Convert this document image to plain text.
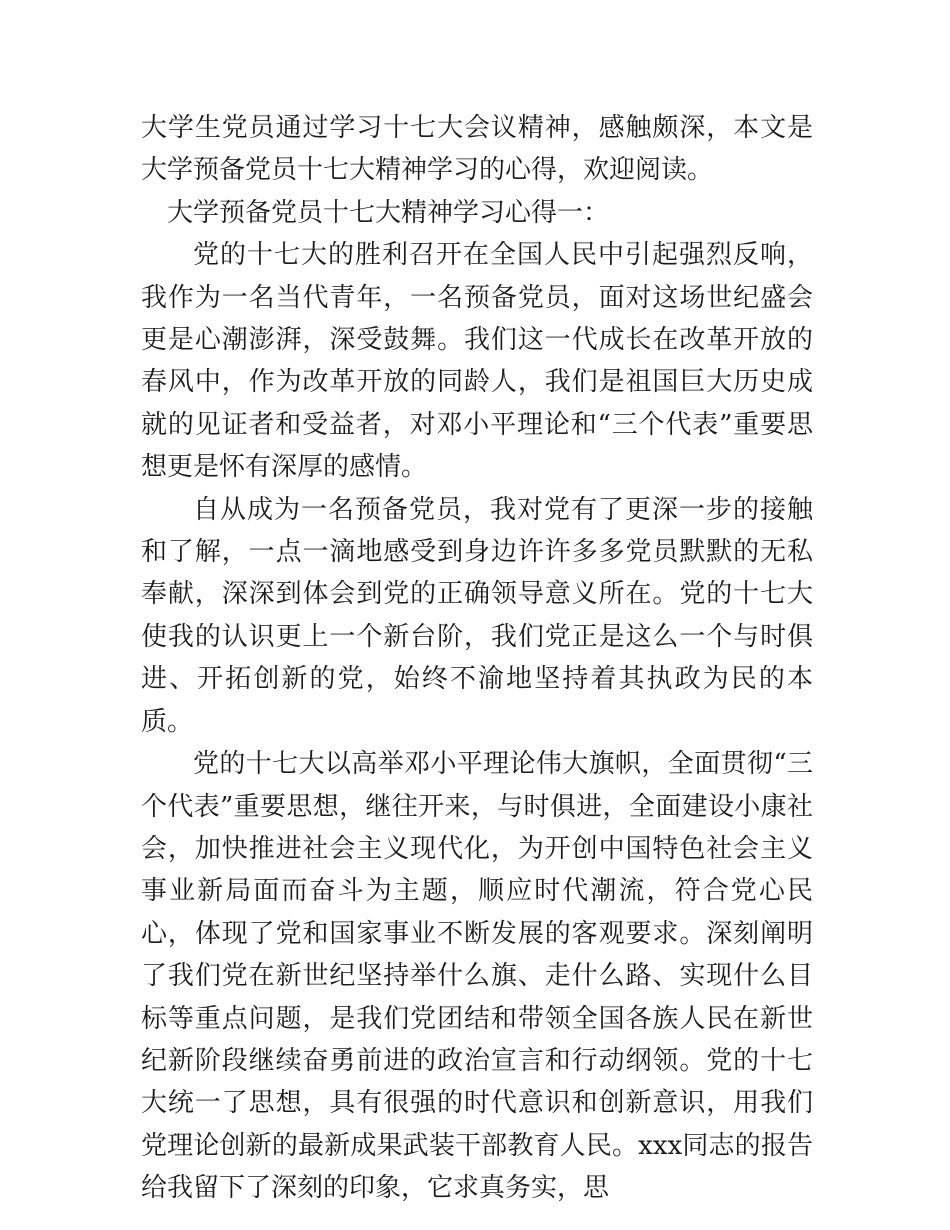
大学生党员通过学习十七大会议精神，感触颇深，本文是大学预备党员十七大精神学习的心得，欢迎阅读。

大学预备党员十七大精神学习心得一：

党的十七大的胜利召开在全国人民中引起强烈反响，我作为一名当代青年，一名预备党员，面对这场世纪盛会更是心潮澎湃，深受鼓舞。我们这一代成长在改革开放的春风中，作为改革开放的同龄人，我们是祖国巨大历史成就的见证者和受益者，对邓小平理论和“三个代表”重要思想更是怀有深厚的感情。

自从成为一名预备党员，我对党有了更深一步的接触和了解，一点一滴地感受到身边许许多多党员默默的无私奉献，深深到体会到党的正确领导意义所在。党的十七大使我的认识更上一个新台阶，我们党正是这么一个与时俱进、开拓创新的党，始终不渝地坚持着其执政为民的本质。

党的十七大以高举邓小平理论伟大旗帜，全面贯彻“三个代表”重要思想，继往开来，与时俱进，全面建设小康社会，加快推进社会主义现代化，为开创中国特色社会主义事业新局面而奋斗为主题，顺应时代潮流，符合党心民心，体现了党和国家事业不断发展的客观要求。深刻阐明了我们党在新世纪坚持举什么旗、走什么路、实现什么目标等重点问题，是我们党团结和带领全国各族人民在新世纪新阶段继续奋勇前进的政治宣言和行动纲领。党的十七大统一了思想，具有很强的时代意识和创新意识，用我们党理论创新的最新成果武装干部教育人民。xxx同志的报告给我留下了深刻的印象，它求真务实，思
